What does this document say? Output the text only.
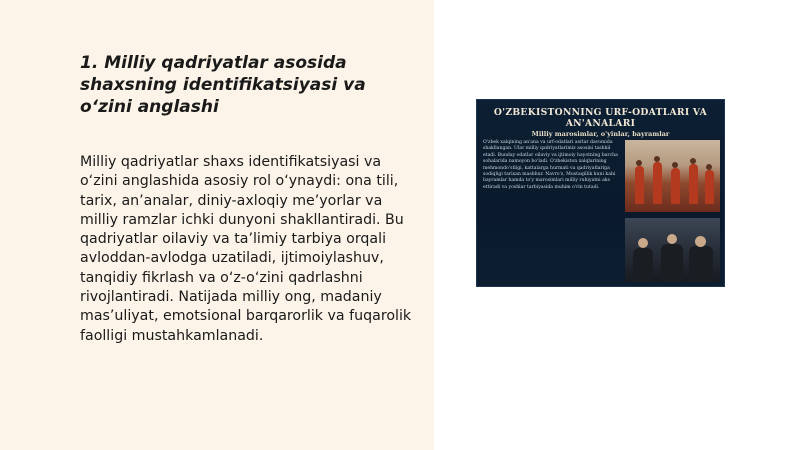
1. Milliy qadriyatlar asosida shaxsning identifikatsiyasi va o‘zini anglashi

Milliy qadriyatlar shaxs identifikatsiyasi va o‘zini anglashida asosiy rol o‘ynaydi: ona tili, tarix, an’analar, diniy-axloqiy me’yorlar va milliy ramzlar ichki dunyoni shakllantiradi. Bu qadriyatlar oilaviy va ta’limiy tarbiya orqali avloddan-avlodga uzatiladi, ijtimoiylashuv, tanqidiy fikrlash va o‘z-o‘zini qadrlashni rivojlantiradi. Natijada milliy ong, madaniy mas’uliyat, emotsional barqarorlik va fuqarolik faolligi mustahkamlanadi.

O'ZBEKISTONNING URF-ODATLARI VA AN'ANALARI
Milliy marosimlar, o'yinlar, bayramlar
O'zbek xalqining an'ana va urf-odatlari asrlar davomida shakllangan. Ular milliy qadriyatlarimiz asosini tashkil etadi. Bunday odatlar oilaviy va ijtimoiy hayotning barcha sohalarida namoyon bo'ladi. O'zbekiston xalqlarining mehmondo'stligi, kattalarga hurmati va qadriyatlariga sodiqligi tarixan mashhur. Navro'z, Mustaqillik kuni kabi bayramlar hamda to'y marosimlari milliy ruhiyatni aks ettiradi va yoshlar tarbiyasida muhim o'rin tutadi.
